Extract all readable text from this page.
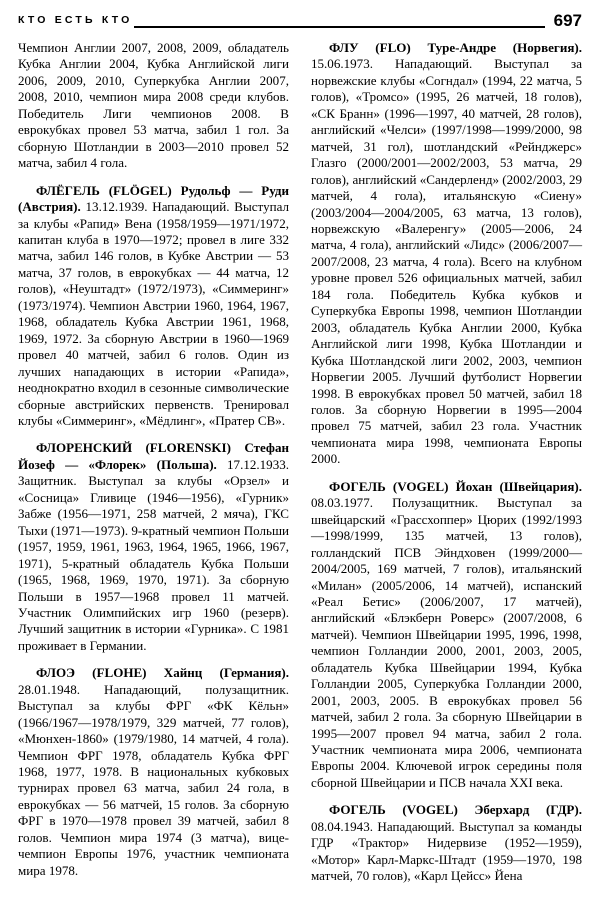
КТО ЕСТЬ КТО	697

Чемпион Англии 2007, 2008, 2009, обладатель Кубка Англии 2004, Кубка Английской лиги 2006, 2009, 2010, Суперкубка Англии 2007, 2008, 2010, чемпион мира 2008 среди клубов. Победитель Лиги чемпионов 2008. В еврокубках провел 53 матча, забил 1 гол. За сборную Шотландии в 2003—2010 провел 52 матча, забил 4 гола.

ФЛЁГЕЛЬ (FLÖGEL) Рудольф — Руди (Австрия). 13.12.1939. Нападающий. Выступал за клубы «Рапид» Вена (1958/1959—1971/1972, капитан клуба в 1970—1972; провел в лиге 332 матча, забил 146 голов, в Кубке Австрии — 53 матча, 37 голов, в еврокубках — 44 матча, 12 голов), «Неуштадт» (1972/1973), «Симмеринг» (1973/1974). Чемпион Австрии 1960, 1964, 1967, 1968, обладатель Кубка Австрии 1961, 1968, 1969, 1972. За сборную Австрии в 1960—1969 провел 40 матчей, забил 6 голов. Один из лучших нападающих в истории «Рапида», неоднократно входил в сезонные символические сборные австрийских первенств. Тренировал клубы «Симмеринг», «Мёдлинг», «Пратер СВ».

ФЛОРЕНСКИЙ (FLORENSKI) Стефан Йозеф — «Флорек» (Польша). 17.12.1933. Защитник. Выступал за клубы «Орзел» и «Сосница» Гливице (1946—1956), «Гурник» Забже (1956—1971, 258 матчей, 2 мяча), ГКС Тыхи (1971—1973). 9-кратный чемпион Польши (1957, 1959, 1961, 1963, 1964, 1965, 1966, 1967, 1971), 5-кратный обладатель Кубка Польши (1965, 1968, 1969, 1970, 1971). За сборную Польши в 1957—1968 провел 11 матчей. Участник Олимпийских игр 1960 (резерв). Лучший защитник в истории «Гурника». С 1981 проживает в Германии.

ФЛОЭ (FLOHE) Хайнц (Германия). 28.01.1948. Нападающий, полузащитник. Выступал за клубы ФРГ «ФК Кёльн» (1966/1967—1978/1979, 329 матчей, 77 голов), «Мюнхен-1860» (1979/1980, 14 матчей, 4 гола). Чемпион ФРГ 1978, обладатель Кубка ФРГ 1968, 1977, 1978. В национальных кубковых турнирах провел 63 матча, забил 24 гола, в еврокубках — 56 матчей, 15 голов. За сборную ФРГ в 1970—1978 провел 39 матчей, забил 8 голов. Чемпион мира 1974 (3 матча), вице-чемпион Европы 1976, участник чемпионата мира 1978.

ФЛУ (FLO) Туре-Андре (Норвегия). 15.06.1973. Нападающий. Выступал за норвежские клубы «Согндал» (1994, 22 матча, 5 голов), «Тромсо» (1995, 26 матчей, 18 голов), «СК Бранн» (1996—1997, 40 матчей, 28 голов), английский «Челси» (1997/1998—1999/2000, 98 матчей, 31 гол), шотландский «Рейнджерс» Глазго (2000/2001—2002/2003, 53 матча, 29 голов), английский «Сандерленд» (2002/2003, 29 матчей, 4 гола), итальянскую «Сиену» (2003/2004—2004/2005, 63 матча, 13 голов), норвежскую «Валеренгу» (2005—2006, 24 матча, 4 гола), английский «Лидс» (2006/2007—2007/2008, 23 матча, 4 гола). Всего на клубном уровне провел 526 официальных матчей, забил 184 гола. Победитель Кубка кубков и Суперкубка Европы 1998, чемпион Шотландии 2003, обладатель Кубка Англии 2000, Кубка Английской лиги 1998, Кубка Шотландии и Кубка Шотландской лиги 2002, 2003, чемпион Норвегии 2005. Лучший футболист Норвегии 1998. В еврокубках провел 50 матчей, забил 18 голов. За сборную Норвегии в 1995—2004 провел 75 матчей, забил 23 гола. Участник чемпионата мира 1998, чемпионата Европы 2000.

ФОГЕЛЬ (VOGEL) Йохан (Швейцария). 08.03.1977. Полузащитник. Выступал за швейцарский «Грассхоппер» Цюрих (1992/1993—1998/1999, 135 матчей, 13 голов), голландский ПСВ Эйндховен (1999/2000—2004/2005, 169 матчей, 7 голов), итальянский «Милан» (2005/2006, 14 матчей), испанский «Реал Бетис» (2006/2007, 17 матчей), английский «Блэкберн Роверс» (2007/2008, 6 матчей). Чемпион Швейцарии 1995, 1996, 1998, чемпион Голландии 2000, 2001, 2003, 2005, обладатель Кубка Швейцарии 1994, Кубка Голландии 2005, Суперкубка Голландии 2000, 2001, 2003, 2005. В еврокубках провел 56 матчей, забил 2 гола. За сборную Швейцарии в 1995—2007 провел 94 матча, забил 2 гола. Участник чемпионата мира 2006, чемпионата Европы 2004. Ключевой игрок середины поля сборной Швейцарии и ПСВ начала XXI века.

ФОГЕЛЬ (VOGEL) Эберхард (ГДР). 08.04.1943. Нападающий. Выступал за команды ГДР «Трактор» Нидервизе (1952—1959), «Мотор» Карл-Маркс-Штадт (1959—1970, 198 матчей, 70 голов), «Карл Цейсс» Йена
